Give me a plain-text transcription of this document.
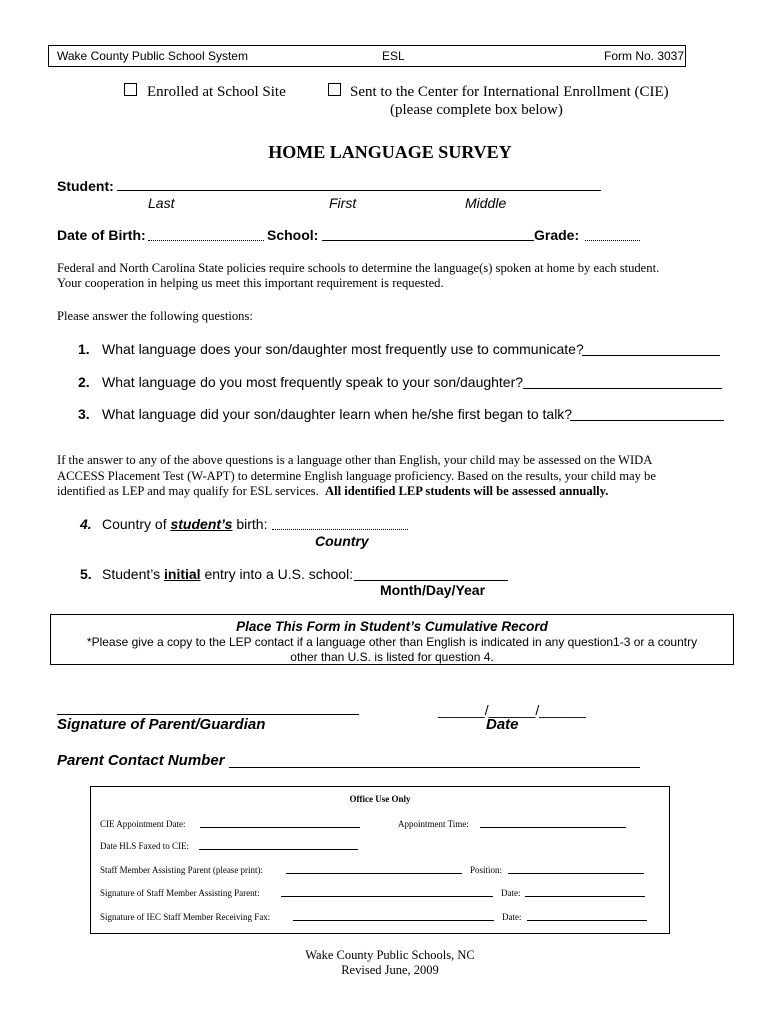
Wake County Public School System	ESL	Form No. 3037
Enrolled at School Site	Sent to the Center for International Enrollment (CIE)
(please complete box below)
HOME LANGUAGE SURVEY
Student:
Last	First	Middle
Date of Birth:	School:	Grade:
Federal and North Carolina State policies require schools to determine the language(s) spoken at home by each student.
Your cooperation in helping us meet this important requirement is requested.
Please answer the following questions:
1. What language does your son/daughter most frequently use to communicate?
2. What language do you most frequently speak to your son/daughter?
3. What language did your son/daughter learn when he/she first began to talk?
If the answer to any of the above questions is a language other than English, your child may be assessed on the WIDA
ACCESS Placement Test (W-APT) to determine English language proficiency. Based on the results, your child may be
identified as LEP and may qualify for ESL services. All identified LEP students will be assessed annually.
4. Country of student’s birth:
Country
5. Student’s initial entry into a U.S. school:
Month/Day/Year
Place This Form in Student’s Cumulative Record
*Please give a copy to the LEP contact if a language other than English is indicated in any question1-3 or a country
other than U.S. is listed for question 4.
Signature of Parent/Guardian
______/______/______
Date
Parent Contact Number
Office Use Only
CIE Appointment Date:	Appointment Time:
Date HLS Faxed to CIE:
Staff Member Assisting Parent (please print):	Position:
Signature of Staff Member Assisting Parent:	Date:
Signature of IEC Staff Member Receiving Fax:	Date:
Wake County Public Schools, NC
Revised June, 2009
